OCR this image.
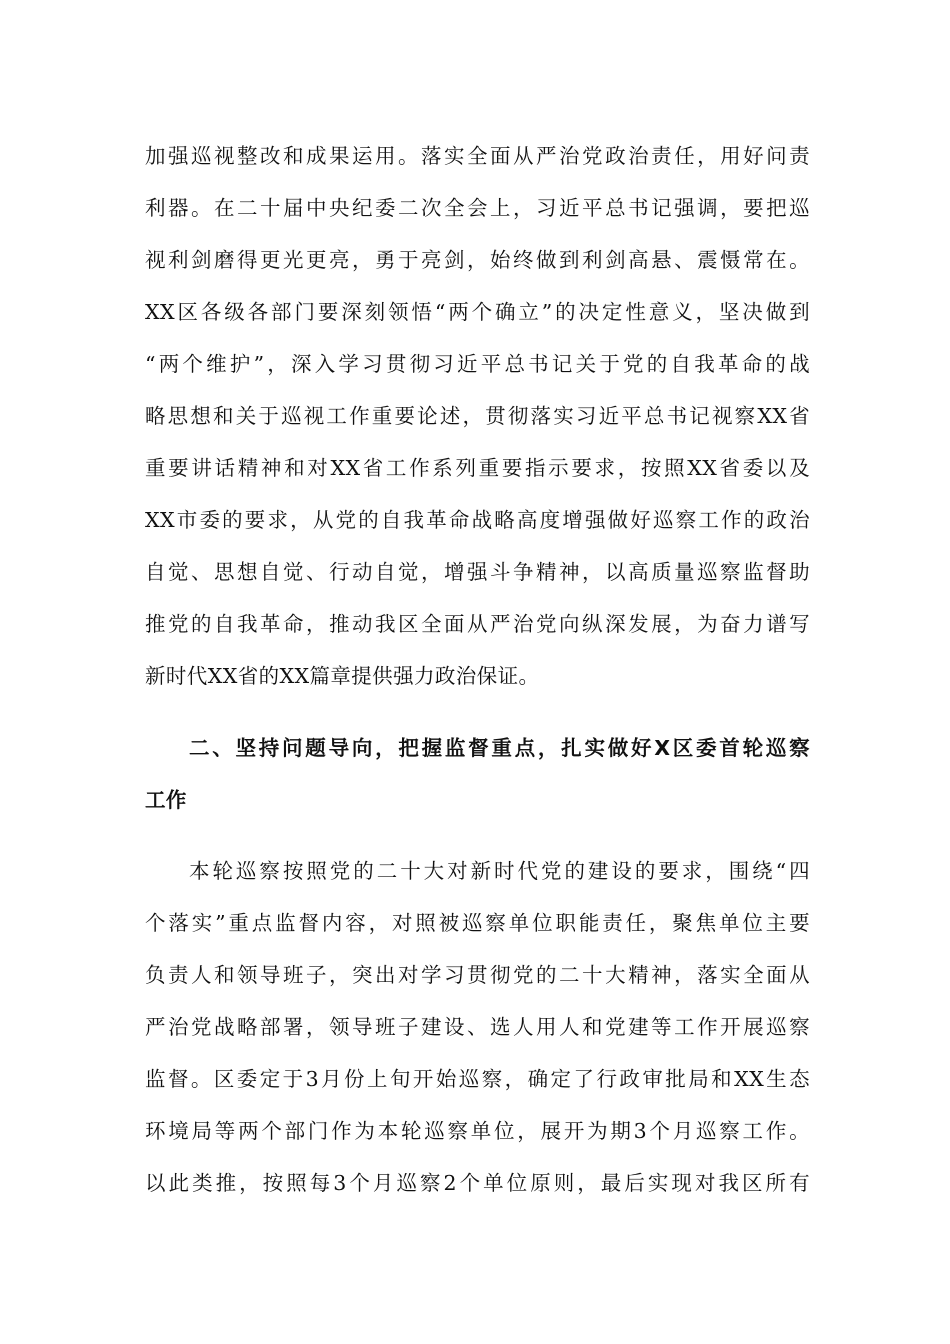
加强巡视整改和成果运用。落实全面从严治党政治责任，用好问责
利器。在二十届中央纪委二次全会上，习近平总书记强调，要把巡
视利剑磨得更光更亮，勇于亮剑，始终做到利剑高悬、震慑常在。
XX区各级各部门要深刻领悟“两个确立”的决定性意义，坚决做到
“两个维护”，深入学习贯彻习近平总书记关于党的自我革命的战
略思想和关于巡视工作重要论述，贯彻落实习近平总书记视察XX省
重要讲话精神和对XX省工作系列重要指示要求，按照XX省委以及
XX市委的要求，从党的自我革命战略高度增强做好巡察工作的政治
自觉、思想自觉、行动自觉，增强斗争精神，以高质量巡察监督助
推党的自我革命，推动我区全面从严治党向纵深发展，为奋力谱写
新时代XX省的XX篇章提供强力政治保证。
二、坚持问题导向，把握监督重点，扎实做好X区委首轮巡察
工作
本轮巡察按照党的二十大对新时代党的建设的要求，围绕“四
个落实”重点监督内容，对照被巡察单位职能责任，聚焦单位主要
负责人和领导班子，突出对学习贯彻党的二十大精神，落实全面从
严治党战略部署，领导班子建设、选人用人和党建等工作开展巡察
监督。区委定于3月份上旬开始巡察，确定了行政审批局和XX生态
环境局等两个部门作为本轮巡察单位，展开为期3个月巡察工作。
以此类推，按照每3个月巡察2个单位原则，最后实现对我区所有
